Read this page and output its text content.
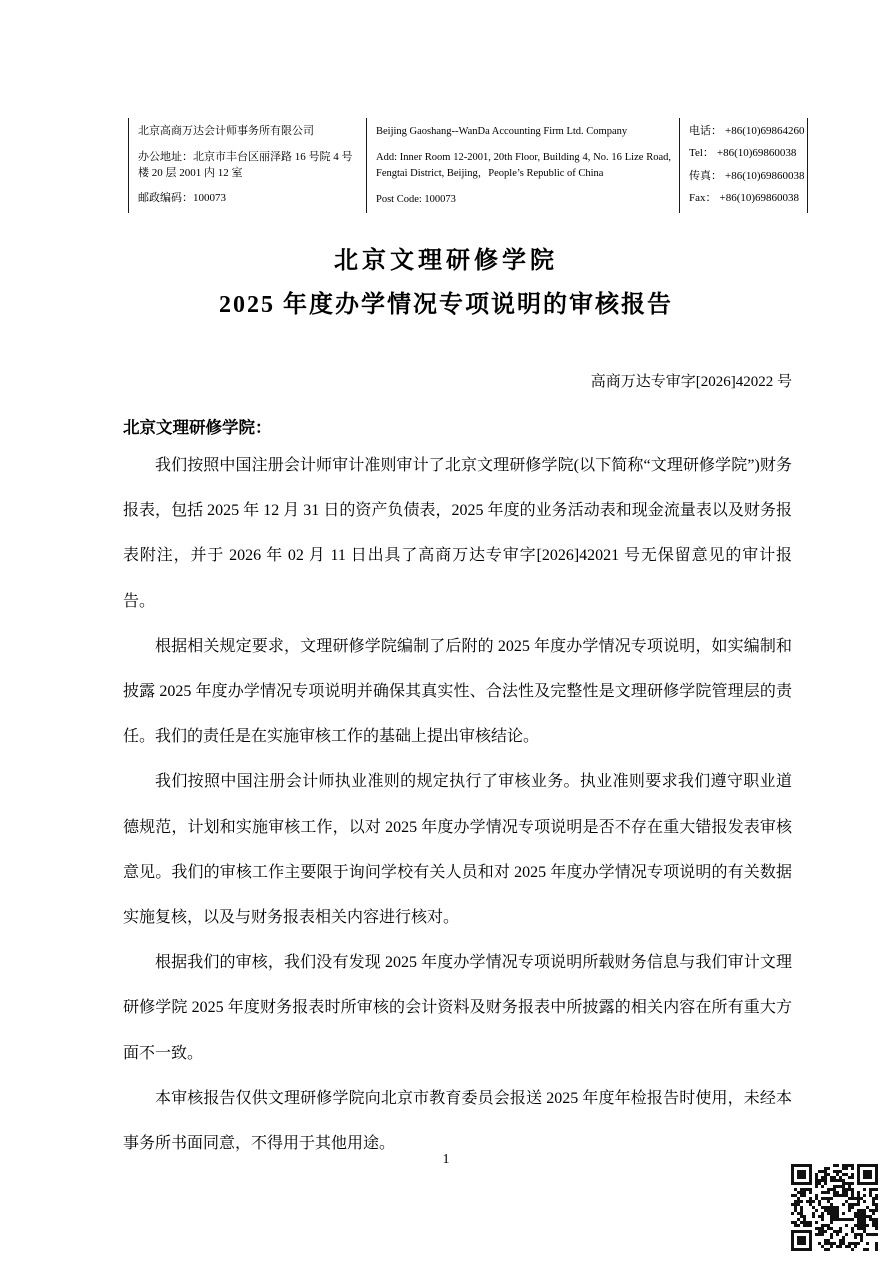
北京高商万达会计师事务所有限公司
办公地址：北京市丰台区丽泽路 16 号院 4 号楼 20 层 2001 内 12 室
邮政编码：100073
Beijing Gaoshang--WanDa Accounting Firm Ltd. Company
Add: Inner Room 12-2001, 20th Floor, Building 4, No. 16 Lize Road, Fengtai District, Beijing，People’s Republic of China
Post Code: 100073
电话： +86(10)69864260
Tel： +86(10)69860038
传真： +86(10)69860038
Fax： +86(10)69860038
北京文理研修学院
2025 年度办学情况专项说明的审核报告
高商万达专审字[2026]42022 号
北京文理研修学院：

我们按照中国注册会计师审计准则审计了北京文理研修学院(以下简称“文理研修学院”)财务报表，包括 2025 年 12 月 31 日的资产负债表，2025 年度的业务活动表和现金流量表以及财务报表附注，并于 2026 年 02 月 11 日出具了高商万达专审字[2026]42021 号无保留意见的审计报告。

根据相关规定要求，文理研修学院编制了后附的 2025 年度办学情况专项说明，如实编制和披露 2025 年度办学情况专项说明并确保其真实性、合法性及完整性是文理研修学院管理层的责任。我们的责任是在实施审核工作的基础上提出审核结论。

我们按照中国注册会计师执业准则的规定执行了审核业务。执业准则要求我们遵守职业道德规范，计划和实施审核工作，以对 2025 年度办学情况专项说明是否不存在重大错报发表审核意见。我们的审核工作主要限于询问学校有关人员和对 2025 年度办学情况专项说明的有关数据实施复核，以及与财务报表相关内容进行核对。

根据我们的审核，我们没有发现 2025 年度办学情况专项说明所载财务信息与我们审计文理研修学院 2025 年度财务报表时所审核的会计资料及财务报表中所披露的相关内容在所有重大方面不一致。

本审核报告仅供文理研修学院向北京市教育委员会报送 2025 年度年检报告时使用，未经本事务所书面同意，不得用于其他用途。

1
